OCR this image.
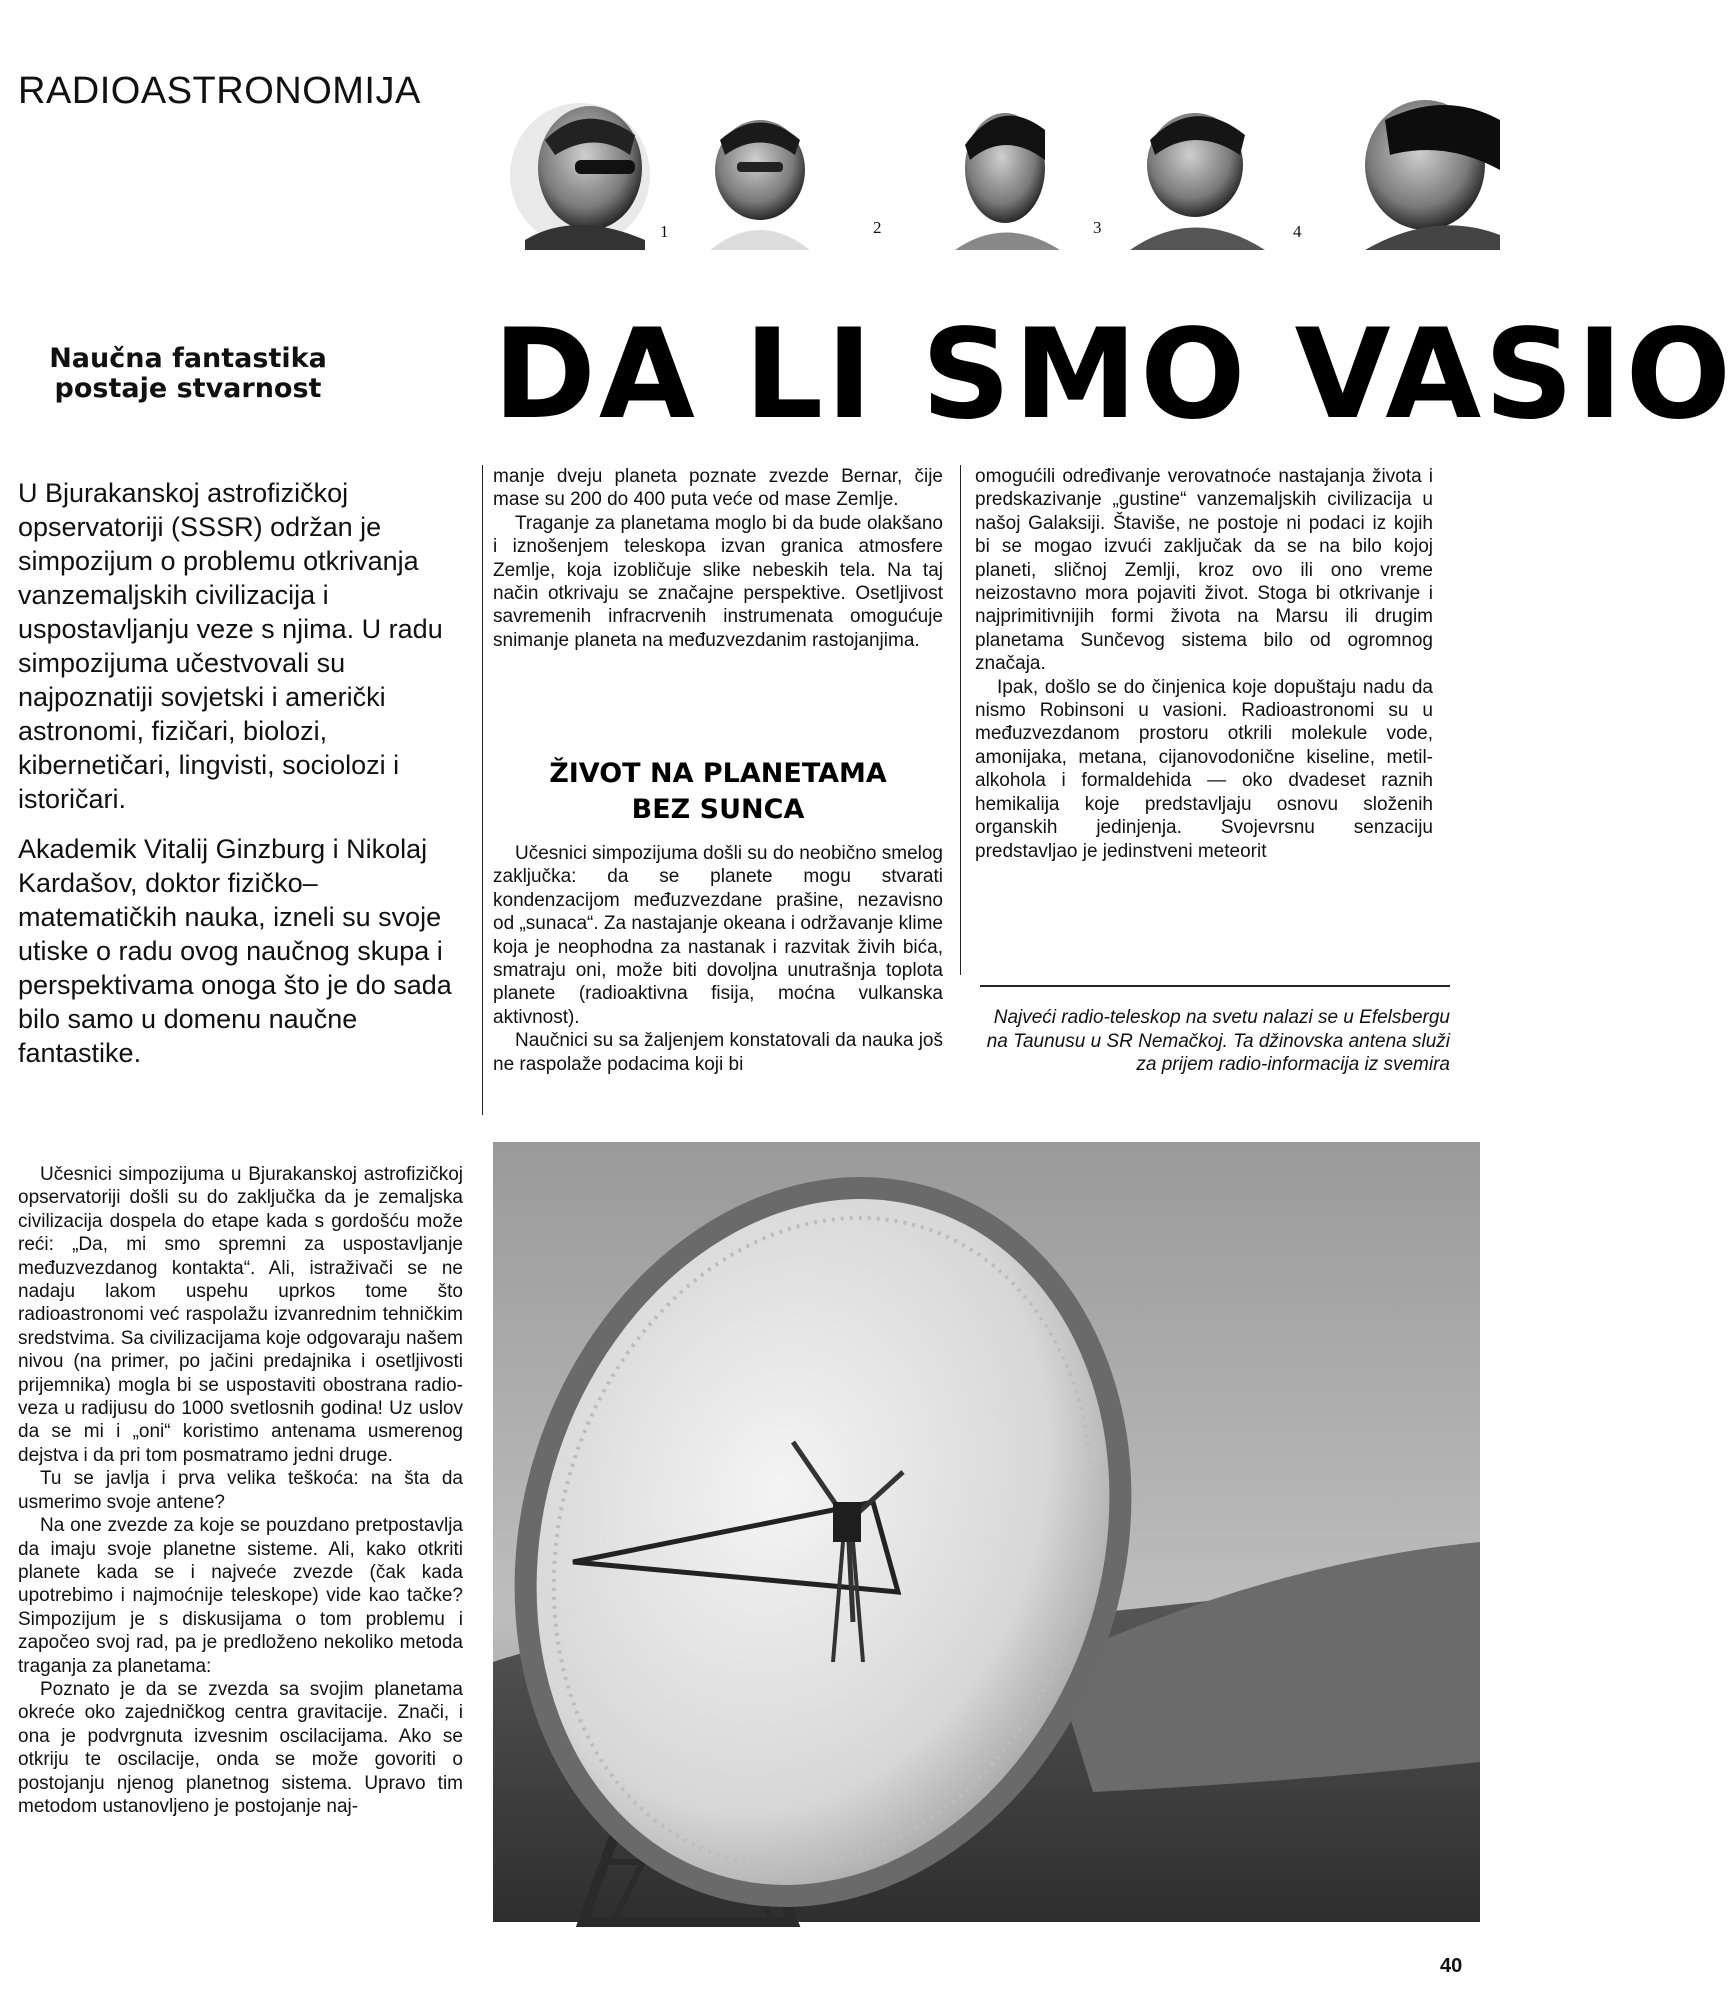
RADIOASTRONOMIJA
1	2	3	4
Naučna fantastika
postaje stvarnost DA LI SMO VASIO

U Bjurakanskoj astrofizičkoj opservatoriji (SSSR) održan je simpozijum o problemu otkrivanja vanzemaljskih civilizacija i uspostavljanju veze s njima. U radu simpozijuma učestvovali su najpoznatiji sovjetski i američki astronomi, fizičari, biolozi, kibernetičari, lingvisti, sociolozi i istoričari.

Akademik Vitalij Ginzburg i Nikolaj Kardašov, doktor fizičko–matematičkih nauka, izneli su svoje utiske o radu ovog naučnog skupa i perspektivama onoga što je do sada bilo samo u domenu naučne fantastike.

Učesnici simpozijuma u Bjurakanskoj astrofizičkoj opservatoriji došli su do zaključka da je zemaljska civilizacija dospela do etape kada s gordošću može reći: „Da, mi smo spremni za uspostavljanje međuzvezdanog kontakta“. Ali, istraživači se ne nadaju lakom uspehu uprkos tome što radioastronomi već raspolažu izvanrednim tehničkim sredstvima. Sa civilizacijama koje odgovaraju našem nivou (na primer, po jačini predajnika i osetljivosti prijemnika) mogla bi se uspostaviti obostrana radio-veza u radijusu do 1000 svetlosnih godina! Uz uslov da se mi i „oni“ koristimo antenama usmerenog dejstva i da pri tom posmatramo jedni druge.

Tu se javlja i prva velika teškoća: na šta da usmerimo svoje antene?

Na one zvezde za koje se pouzdano pretpostavlja da imaju svoje planetne sisteme. Ali, kako otkriti planete kada se i najveće zvezde (čak kada upotrebimo i najmoćnije teleskope) vide kao tačke? Simpozijum je s diskusijama o tom problemu i započeo svoj rad, pa je predloženo nekoliko metoda traganja za planetama:

Poznato je da se zvezda sa svojim planetama okreće oko zajedničkog centra gravitacije. Znači, i ona je podvrgnuta izvesnim oscilacijama. Ako se otkriju te oscilacije, onda se može govoriti o postojanju njenog planetnog sistema. Upravo tim metodom ustanovljeno je postojanje naj-

manje dveju planeta poznate zvezde Bernar, čije mase su 200 do 400 puta veće od mase Zemlje.

Traganje za planetama moglo bi da bude olakšano i iznošenjem teleskopa izvan granica atmosfere Zemlje, koja izobličuje slike nebeskih tela. Na taj način otkrivaju se značajne perspektive. Osetljivost savremenih infracrvenih instrumenata omogućuje snimanje planeta na međuzvezdanim rastojanjima.

ŽIVOT NA PLANETAMA
BEZ SUNCA

Učesnici simpozijuma došli su do neobično smelog zaključka: da se planete mogu stvarati kondenzacijom međuzvezdane prašine, nezavisno od „sunaca“. Za nastajanje okeana i održavanje klime koja je neophodna za nastanak i razvitak živih bića, smatraju oni, može biti dovoljna unutrašnja toplota planete (radioaktivna fisija, moćna vulkanska aktivnost).

Naučnici su sa žaljenjem konstatovali da nauka još ne raspolaže podacima koji bi

omogućili određivanje verovatnoće nastajanja života i predskazivanje „gustine“ vanzemaljskih civilizacija u našoj Galaksiji. Štaviše, ne postoje ni podaci iz kojih bi se mogao izvući zaključak da se na bilo kojoj planeti, sličnoj Zemlji, kroz ovo ili ono vreme neizostavno mora pojaviti život. Stoga bi otkrivanje i najprimitivnijih formi života na Marsu ili drugim planetama Sunčevog sistema bilo od ogromnog značaja.

Ipak, došlo se do činjenica koje dopuštaju nadu da nismo Robinsoni u vasioni. Radioastronomi su u međuzvezdanom prostoru otkrili molekule vode, amonijaka, metana, cijanovodonične kiseline, metil-alkohola i formaldehida — oko dvadeset raznih hemikalija koje predstavljaju osnovu složenih organskih jedinjenja. Svojevrsnu senzaciju predstavljao je jedinstveni meteorit

Najveći radio-teleskop na svetu nalazi se u Efelsbergu na Taunusu u SR Nemačkoj. Ta džinovska antena služi za prijem radio-informacija iz svemira
40
